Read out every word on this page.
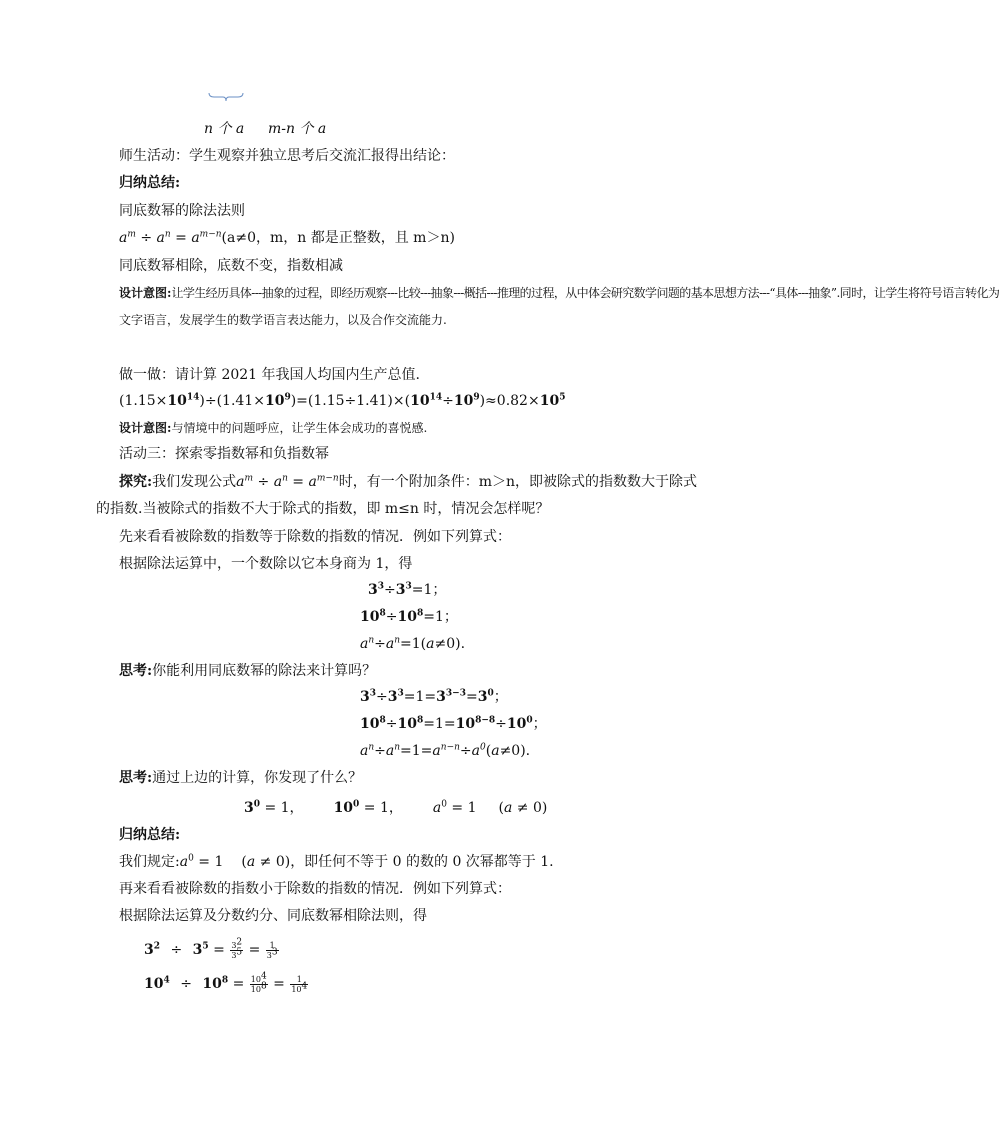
n 个 a m-n 个 a
师生活动：学生观察并独立思考后交流汇报得出结论：
归纳总结:
同底数幂的除法法则
$a^m \div a^n = a^{m-n}(a\ne 0$，m，n 都是正整数，且 m＞n)
同底数幂相除，底数不变，指数相减
设计意图:让学生经历具体---抽象的过程，即经历观察---比较---抽象---概括---推理的过程，从中体会研究数学问题的基本思想方法---“具体---抽象”.同时，让学生将符号语言转化为
文字语言，发展学生的数学语言表达能力，以及合作交流能力.
做一做：请计算 2021 年我国人均国内生产总值.
$(1.15\times 10^{14})\div(1.41\times 10^9)=(1.15\div 1.41)\times(10^{14}\div 10^9)\approx 0.82\times 10^5$
设计意图:与情境中的问题呼应，让学生体会成功的喜悦感.
活动三：探索零指数幂和负指数幂
探究:我们发现公式$a^m \div a^n = a^{m-n}$时，有一个附加条件：m＞n，即被除式的指数数大于除式
的指数.当被除式的指数不大于除式的指数，即 m≤n 时，情况会怎样呢？
先来看看被除数的指数等于除数的指数的情况．例如下列算式：
根据除法运算中，一个数除以它本身商为 1，得
$3^3\div 3^3=1$；
$10^8\div 10^8=1$；
$a^n\div a^n=1(a\ne 0)$.
思考:你能利用同底数幂的除法来计算吗？
$3^3\div 3^3=1=3^{3-3}=3^0$；
$10^8\div 10^8=1=10^{8-8}\div 10^0$；
$a^n\div a^n=1=a^{n-n}\div a^0(a\ne 0)$.
思考:通过上边的计算，你发现了什么？
$3^0 = 1$， $10^0 = 1$， $a^0 = 1$ (a ≠ 0)
归纳总结:
我们规定$:a^0 = 1$ (a ≠ 0)，即任何不等于 0 的数的 0 次幂都等于 1.
再来看看被除数的指数小于除数的指数的情况．例如下列算式：
根据除法运算及分数约分、同底数幂相除法则，得
$3^2 \div 3^5 = \frac{3^2}{3^5} = \frac{1}{3^3}$
$10^4 \div 10^8 = \frac{10^4}{10^8} = \frac{1}{10^4}$
